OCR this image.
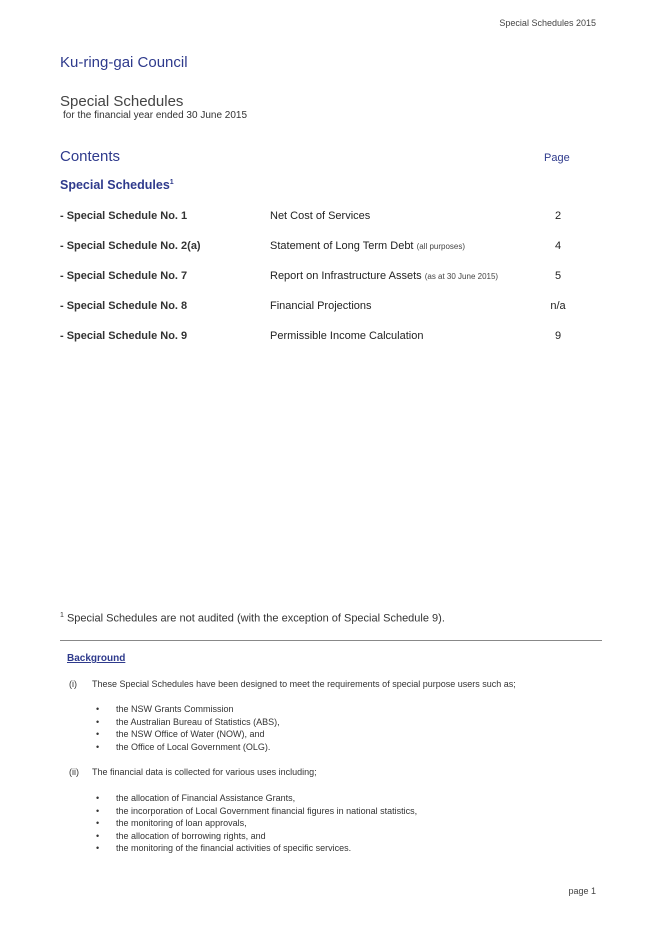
Special Schedules 2015
Ku-ring-gai Council
Special Schedules
for the financial year ended 30 June 2015
Contents	Page
Special Schedules$^1$
- Special Schedule No. 1	Net Cost of Services	2
- Special Schedule No. 2(a)	Statement of Long Term Debt (all purposes)	4
- Special Schedule No. 7	Report on Infrastructure Assets (as at 30 June 2015)	5
- Special Schedule No. 8	Financial Projections	n/a
- Special Schedule No. 9	Permissible Income Calculation	9
$^1$ Special Schedules are not audited (with the exception of Special Schedule 9).
Background
(i) These Special Schedules have been designed to meet the requirements of special purpose users such as;
• the NSW Grants Commission
• the Australian Bureau of Statistics (ABS),
• the NSW Office of Water (NOW), and
• the Office of Local Government (OLG).
(ii) The financial data is collected for various uses including;
• the allocation of Financial Assistance Grants,
• the incorporation of Local Government financial figures in national statistics,
• the monitoring of loan approvals,
• the allocation of borrowing rights, and
• the monitoring of the financial activities of specific services.
page 1
